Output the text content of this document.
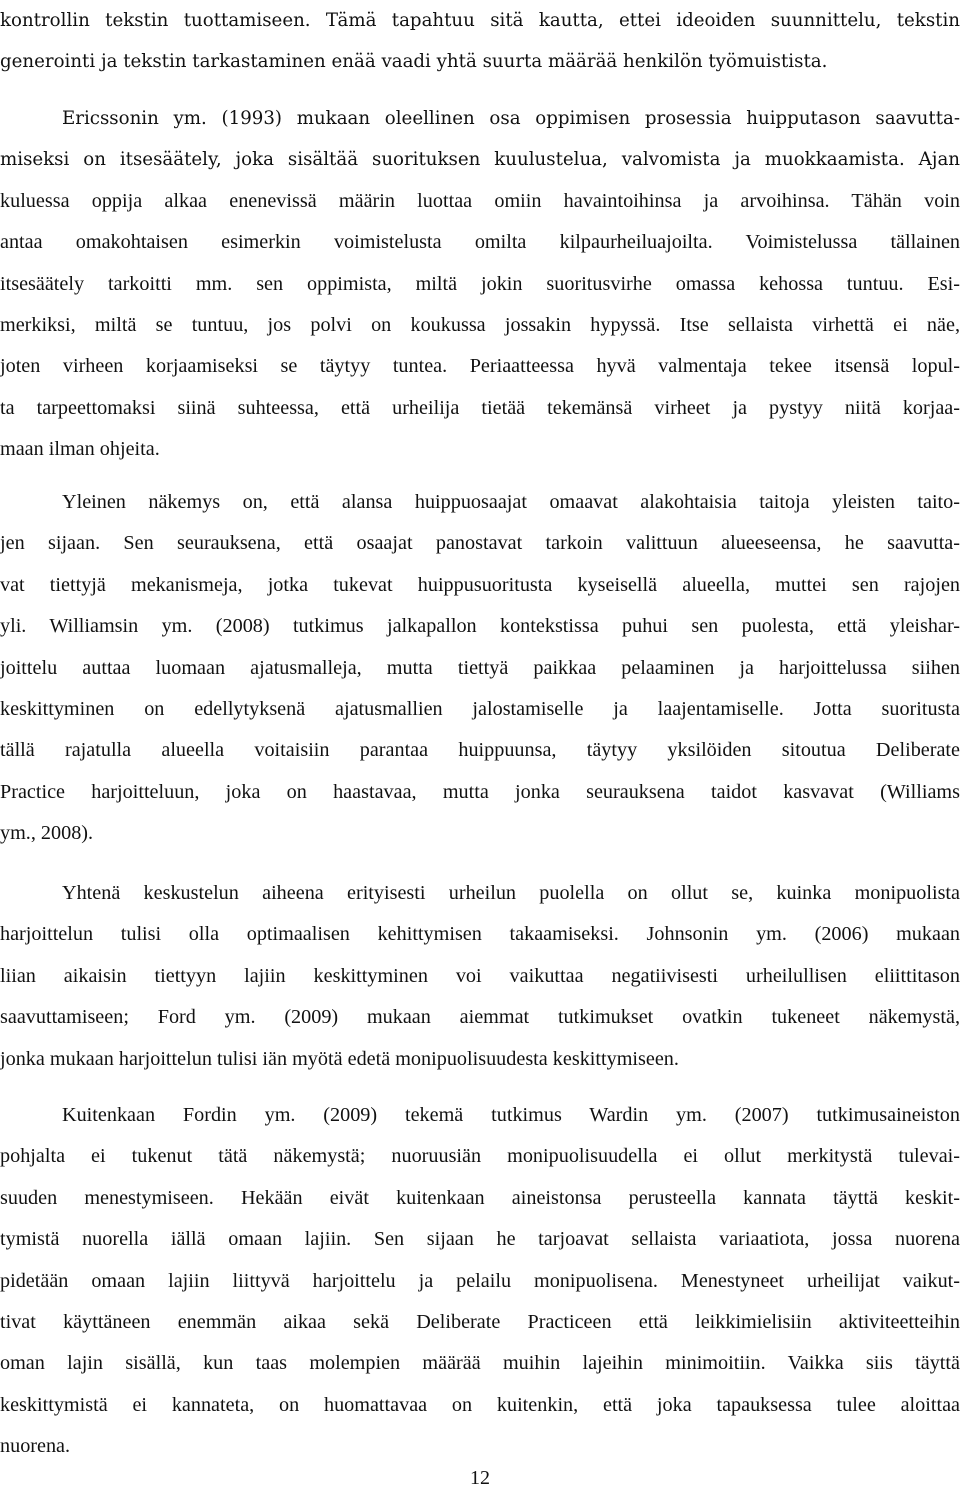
kontrollin tekstin tuottamiseen. Tämä tapahtuu sitä kautta, ettei ideoiden suunnittelu, tekstin
generointi ja tekstin tarkastaminen enää vaadi yhtä suurta määrää henkilön työmuistista.
Ericssonin ym. (1993) mukaan oleellinen osa oppimisen prosessia huipputason saavutta-
miseksi on itsesäätely, joka sisältää suorituksen kuulustelua, valvomista ja muokkaamista. Ajan
kuluessa oppija alkaa enenevissä määrin luottaa omiin havaintoihinsa ja arvoihinsa. Tähän voin
antaa omakohtaisen esimerkin voimistelusta omilta kilpaurheiluajoilta. Voimistelussa tällainen
itsesäätely tarkoitti mm. sen oppimista, miltä jokin suoritusvirhe omassa kehossa tuntuu. Esi-
merkiksi, miltä se tuntuu, jos polvi on koukussa jossakin hypyssä. Itse sellaista virhettä ei näe,
joten virheen korjaamiseksi se täytyy tuntea. Periaatteessa hyvä valmentaja tekee itsensä lopul-
ta tarpeettomaksi siinä suhteessa, että urheilija tietää tekemänsä virheet ja pystyy niitä korjaa-
maan ilman ohjeita.
Yleinen näkemys on, että alansa huippuosaajat omaavat alakohtaisia taitoja yleisten taito-
jen sijaan. Sen seurauksena, että osaajat panostavat tarkoin valittuun alueeseensa, he saavutta-
vat tiettyjä mekanismeja, jotka tukevat huippusuoritusta kyseisellä alueella, muttei sen rajojen
yli. Williamsin ym. (2008) tutkimus jalkapallon kontekstissa puhui sen puolesta, että yleishar-
joittelu auttaa luomaan ajatusmalleja, mutta tiettyä paikkaa pelaaminen ja harjoittelussa siihen
keskittyminen on edellytyksenä ajatusmallien jalostamiselle ja laajentamiselle. Jotta suoritusta
tällä rajatulla alueella voitaisiin parantaa huippuunsa, täytyy yksilöiden sitoutua Deliberate
Practice harjoitteluun, joka on haastavaa, mutta jonka seurauksena taidot kasvavat (Williams
ym., 2008).
Yhtenä keskustelun aiheena erityisesti urheilun puolella on ollut se, kuinka monipuolista
harjoittelun tulisi olla optimaalisen kehittymisen takaamiseksi. Johnsonin ym. (2006) mukaan
liian aikaisin tiettyyn lajiin keskittyminen voi vaikuttaa negatiivisesti urheilullisen eliittitason
saavuttamiseen; Ford ym. (2009) mukaan aiemmat tutkimukset ovatkin tukeneet näkemystä,
jonka mukaan harjoittelun tulisi iän myötä edetä monipuolisuudesta keskittymiseen.
Kuitenkaan Fordin ym. (2009) tekemä tutkimus Wardin ym. (2007) tutkimusaineiston
pohjalta ei tukenut tätä näkemystä; nuoruusiän monipuolisuudella ei ollut merkitystä tulevai-
suuden menestymiseen. Hekään eivät kuitenkaan aineistonsa perusteella kannata täyttä keskit-
tymistä nuorella iällä omaan lajiin. Sen sijaan he tarjoavat sellaista variaatiota, jossa nuorena
pidetään omaan lajiin liittyvä harjoittelu ja pelailu monipuolisena. Menestyneet urheilijat vaikut-
tivat käyttäneen enemmän aikaa sekä Deliberate Practiceen että leikkimielisiin aktiviteetteihin
oman lajin sisällä, kun taas molempien määrää muihin lajeihin minimoitiin. Vaikka siis täyttä
keskittymistä ei kannateta, on huomattavaa on kuitenkin, että joka tapauksessa tulee aloittaa
nuorena.
12
